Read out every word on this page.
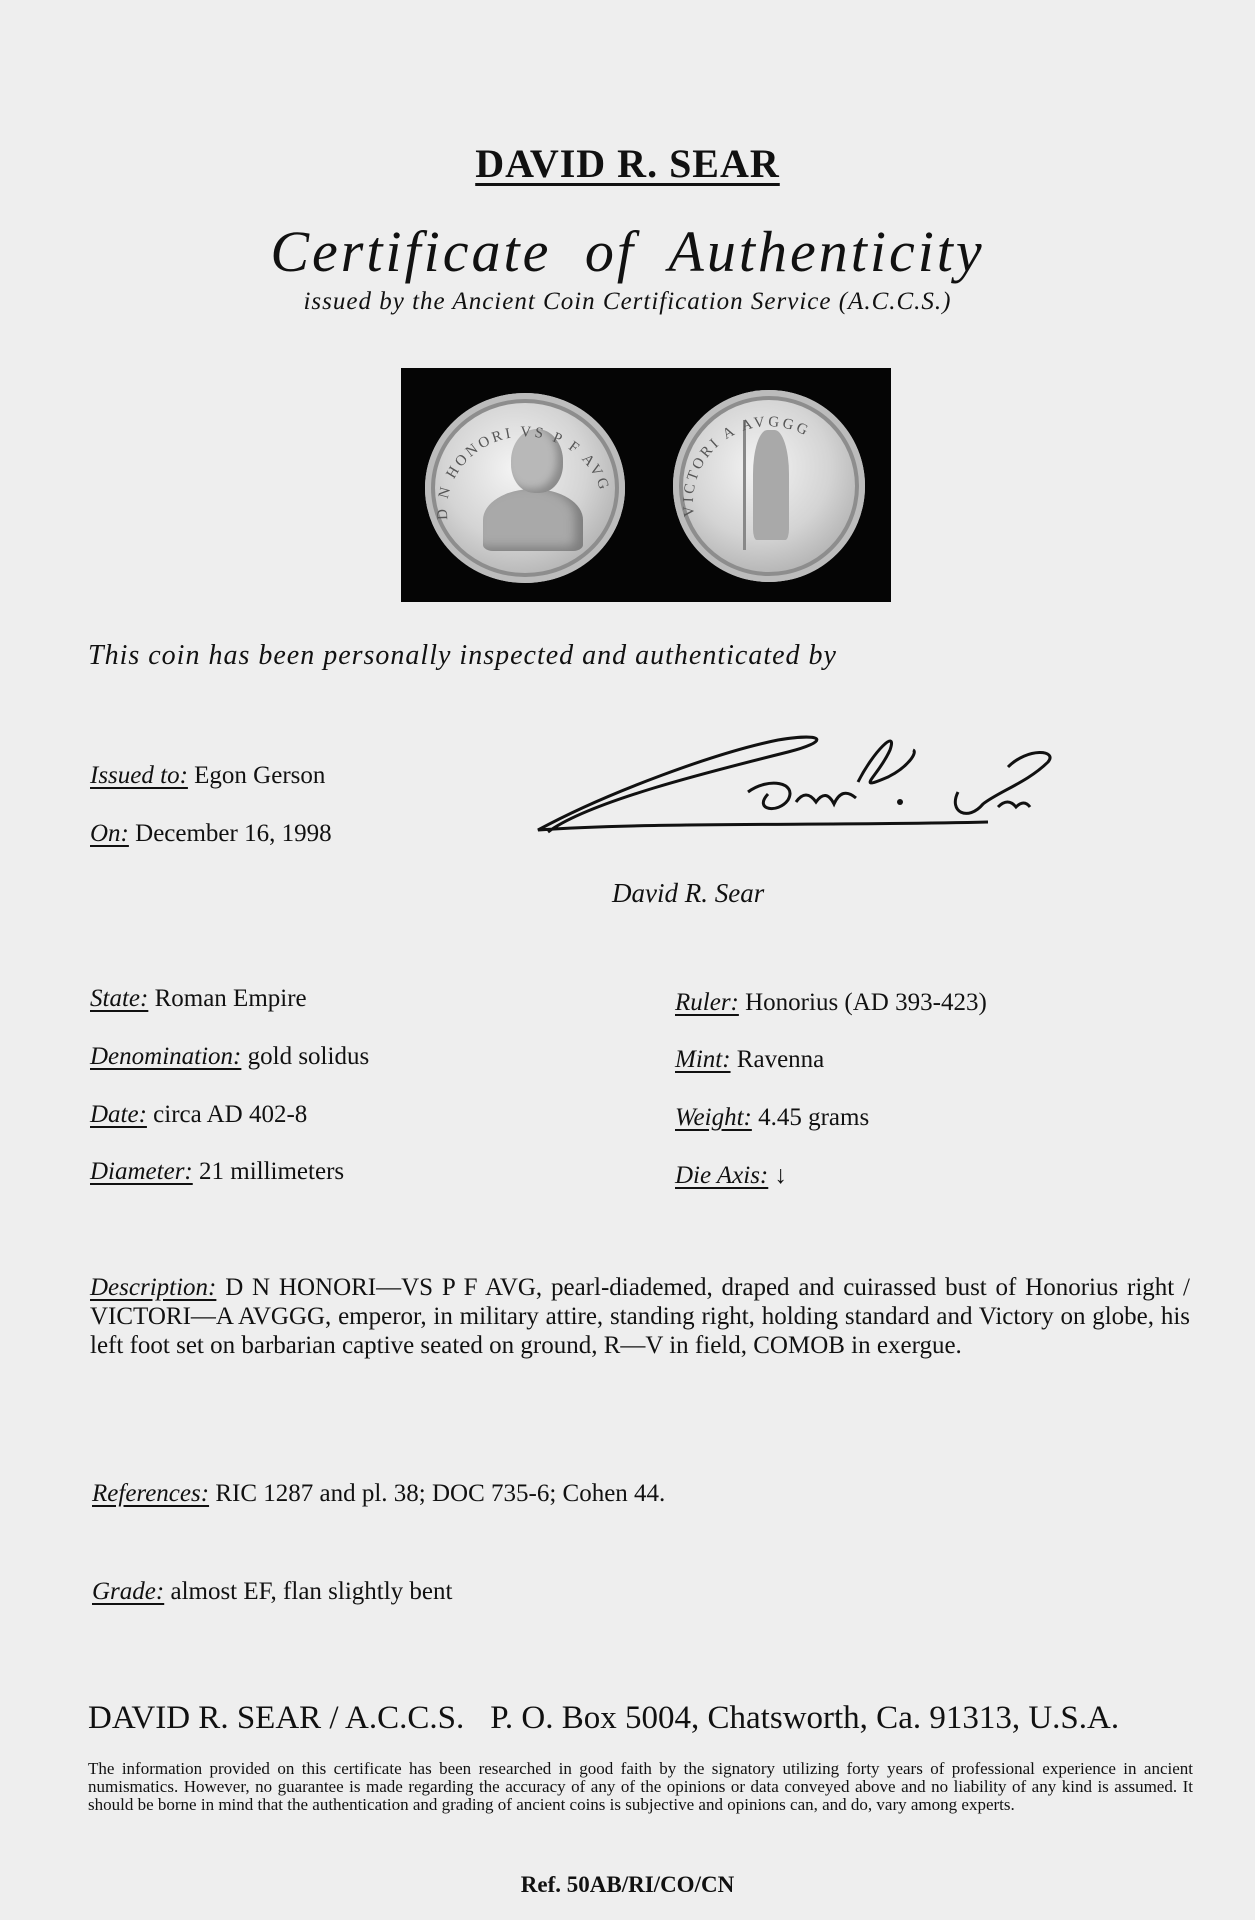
DAVID R. SEAR
Certificate of Authenticity
issued by the Ancient Coin Certification Service (A.C.C.S.)
D N HONORI VS P F AVG
VICTORI A AVGGG
This coin has been personally inspected and authenticated by
Issued to: Egon Gerson
On: December 16, 1998
David R. Sear
State: Roman Empire
Denomination: gold solidus
Date: circa AD 402-8
Diameter: 21 millimeters
Ruler: Honorius (AD 393-423)
Mint: Ravenna
Weight: 4.45 grams
Die Axis: ↓
Description: D N HONORI—VS P F AVG, pearl-diademed, draped and cuirassed bust of Honorius right / VICTORI—A AVGGG, emperor, in military attire, standing right, holding standard and Victory on globe, his left foot set on barbarian captive seated on ground, R—V in field, COMOB in exergue.
References: RIC 1287 and pl. 38; DOC 735-6; Cohen 44.
Grade: almost EF, flan slightly bent
DAVID R. SEAR / A.C.C.S. P. O. Box 5004, Chatsworth, Ca. 91313, U.S.A.
The information provided on this certificate has been researched in good faith by the signatory utilizing forty years of professional experience in ancient numismatics. However, no guarantee is made regarding the accuracy of any of the opinions or data conveyed above and no liability of any kind is assumed. It should be borne in mind that the authentication and grading of ancient coins is subjective and opinions can, and do, vary among experts.
Ref. 50AB/RI/CO/CN
